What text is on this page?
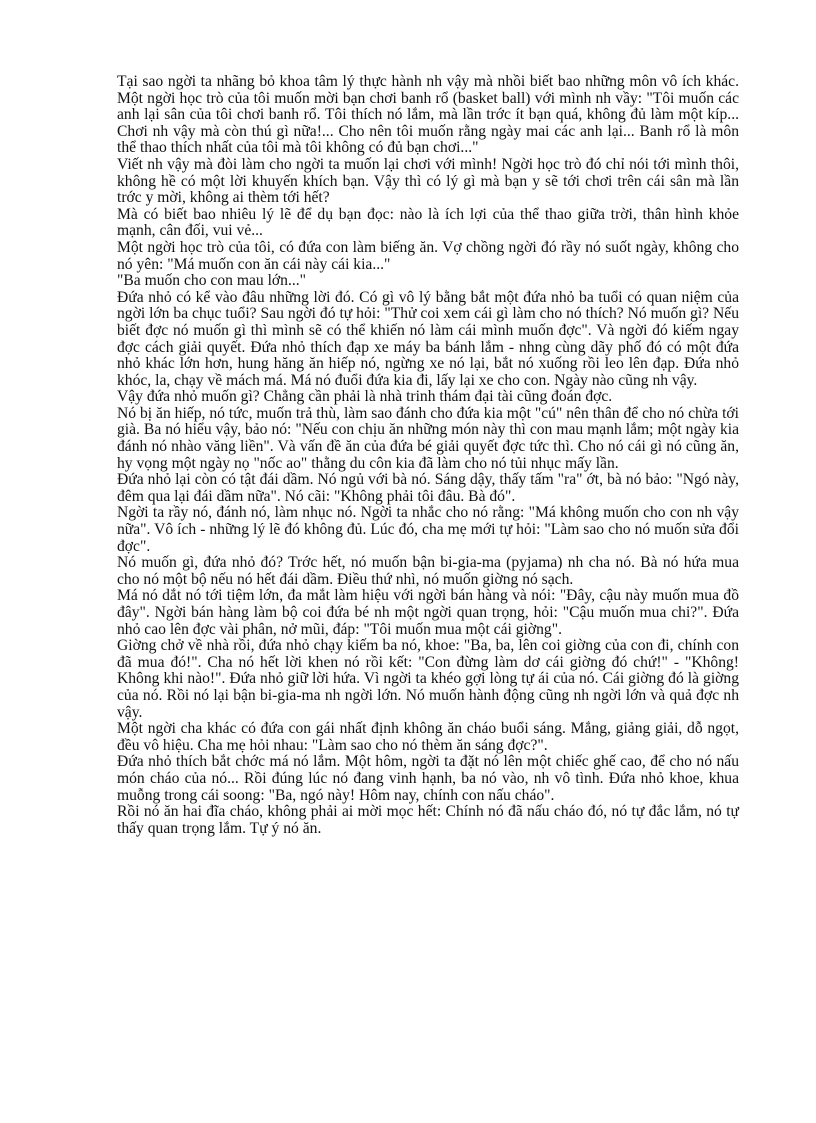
Tại sao ngời ta nhãng bỏ khoa tâm lý thực hành nh vậy mà nhồi biết bao những môn vô ích khác. Một ngời học trò của tôi muốn mời bạn chơi banh rổ (basket ball) với mình nh vầy: "Tôi muốn các anh lại sân của tôi chơi banh rổ. Tôi thích nó lắm, mà lần trớc ít bạn quá, không đủ làm một kíp... Chơi nh vậy mà còn thú gì nữa!... Cho nên tôi muốn rằng ngày mai các anh lại... Banh rổ là môn thể thao thích nhất của tôi mà tôi không có đủ bạn chơi..."

Viết nh vậy mà đòi làm cho ngời ta muốn lại chơi với mình! Ngời học trò đó chỉ nói tới mình thôi, không hề có một lời khuyến khích bạn. Vậy thì có lý gì mà bạn y sẽ tới chơi trên cái sân mà lần trớc y mời, không ai thèm tới hết?

Mà có biết bao nhiêu lý lẽ để dụ bạn đọc: nào là ích lợi của thể thao giữa trời, thân hình khỏe mạnh, cân đối, vui vẻ...

Một ngời học trò của tôi, có đứa con làm biếng ăn. Vợ chồng ngời đó rầy nó suốt ngày, không cho nó yên: "Má muốn con ăn cái này cái kia..."

"Ba muốn cho con mau lớn..."

Đứa nhỏ có kể vào đâu những lời đó. Có gì vô lý bằng bắt một đứa nhỏ ba tuổi có quan niệm của ngời lớn ba chục tuổi? Sau ngời đó tự hỏi: "Thử coi xem cái gì làm cho nó thích? Nó muốn gì? Nếu biết đợc nó muốn gì thì mình sẽ có thể khiến nó làm cái mình muốn đợc". Và ngời đó kiếm ngay đợc cách giải quyết. Đứa nhỏ thích đạp xe máy ba bánh lắm - nhng cùng dãy phố đó có một đứa nhỏ khác lớn hơn, hung hăng ăn hiếp nó, ngừng xe nó lại, bắt nó xuống rồi leo lên đạp. Đứa nhỏ khóc, la, chạy về mách má. Má nó đuổi đứa kia đi, lấy lại xe cho con. Ngày nào cũng nh vậy.

Vậy đứa nhỏ muốn gì? Chẳng cần phải là nhà trinh thám đại tài cũng đoán đợc.

Nó bị ăn hiếp, nó tức, muốn trả thù, làm sao đánh cho đứa kia một "cú" nên thân để cho nó chừa tới già. Ba nó hiểu vậy, bảo nó: "Nếu con chịu ăn những món này thì con mau mạnh lắm; một ngày kia đánh nó nhào văng liền". Và vấn đề ăn của đứa bé giải quyết đợc tức thì. Cho nó cái gì nó cũng ăn, hy vọng một ngày nọ "nốc ao" thằng du côn kia đã làm cho nó tủi nhục mấy lần.

Đứa nhỏ lại còn có tật đái dầm. Nó ngủ với bà nó. Sáng dậy, thấy tấm "ra" ớt, bà nó bảo: "Ngó này, đêm qua lại đái dầm nữa". Nó cãi: "Không phải tôi đâu. Bà đó".

Ngời ta rầy nó, đánh nó, làm nhục nó. Ngời ta nhắc cho nó rằng: "Má không muốn cho con nh vậy nữa". Vô ích - những lý lẽ đó không đủ. Lúc đó, cha mẹ mới tự hỏi: "Làm sao cho nó muốn sửa đổi đợc".

Nó muốn gì, đứa nhỏ đó? Trớc hết, nó muốn bận bi-gia-ma (pyjama) nh cha nó. Bà nó hứa mua cho nó một bộ nếu nó hết đái dầm. Điều thứ nhì, nó muốn giờng nó sạch.

Má nó dắt nó tới tiệm lớn, đa mắt làm hiệu với ngời bán hàng và nói: "Đây, cậu này muốn mua đồ đây". Ngời bán hàng làm bộ coi đứa bé nh một ngời quan trọng, hỏi: "Cậu muốn mua chi?". Đứa nhỏ cao lên đợc vài phân, nở mũi, đáp: "Tôi muốn mua một cái giờng".

Giờng chở về nhà rồi, đứa nhỏ chạy kiếm ba nó, khoe: "Ba, ba, lên coi giờng của con đi, chính con đã mua đó!". Cha nó hết lời khen nó rồi kết: "Con đừng làm dơ cái giờng đó chứ!" - "Không! Không khi nào!". Đứa nhỏ giữ lời hứa. Vì ngời ta khéo gợi lòng tự ái của nó. Cái giờng đó là giờng của nó. Rồi nó lại bận bi-gia-ma nh ngời lớn. Nó muốn hành động cũng nh ngời lớn và quả đợc nh vậy.

Một ngời cha khác có đứa con gái nhất định không ăn cháo buổi sáng. Mắng, giảng giải, dỗ ngọt, đều vô hiệu. Cha mẹ hỏi nhau: "Làm sao cho nó thèm ăn sáng đợc?".

Đứa nhỏ thích bắt chớc má nó lắm. Một hôm, ngời ta đặt nó lên một chiếc ghế cao, để cho nó nấu món cháo của nó... Rồi đúng lúc nó đang vinh hạnh, ba nó vào, nh vô tình. Đứa nhỏ khoe, khua muỗng trong cái soong: "Ba, ngó này! Hôm nay, chính con nấu cháo".

Rồi nó ăn hai đĩa cháo, không phải ai mời mọc hết: Chính nó đã nấu cháo đó, nó tự đắc lắm, nó tự thấy quan trọng lắm. Tự ý nó ăn.
